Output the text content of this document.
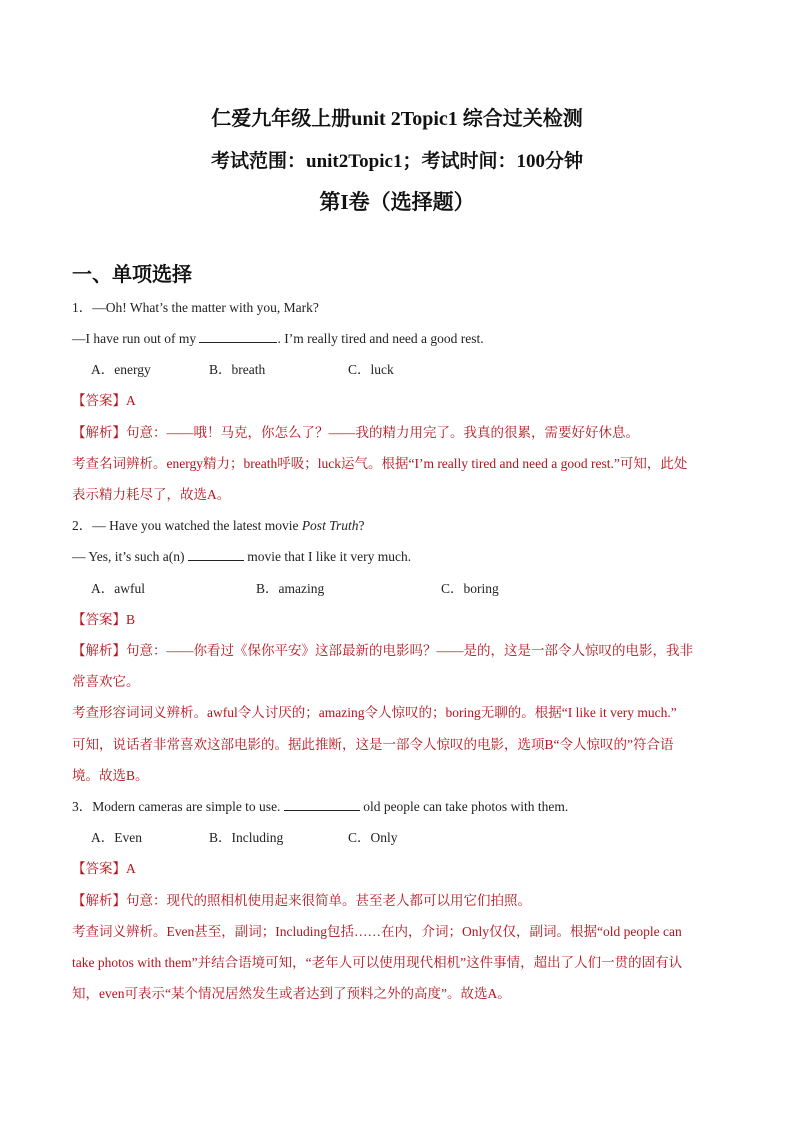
仁爱九年级上册unit 2Topic1 综合过关检测
考试范围：unit2Topic1；考试时间：100分钟
第I卷（选择题）
一、单项选择
1．—Oh! What’s the matter with you, Mark?
—I have run out of my	. I’m really tired and need a good rest.
A．energy	B．breath	C．luck
【答案】A
【解析】句意：——哦！马克，你怎么了？——我的精力用完了。我真的很累，需要好好休息。
考查名词辨析。energy精力；breath呼吸；luck运气。根据“I’m really tired and need a good rest.”可知，此处
表示精力耗尽了，故选A。
2．— Have you watched the latest movie Post Truth?
— Yes, it’s such a(n)	movie that I like it very much.
A．awful	B．amazing	C．boring
【答案】B
【解析】句意：——你看过《保你平安》这部最新的电影吗？——是的，这是一部令人惊叹的电影，我非
常喜欢它。
考查形容词词义辨析。awful令人讨厌的；amazing令人惊叹的；boring无聊的。根据“I like it very much.”
可知，说话者非常喜欢这部电影的。据此推断，这是一部令人惊叹的电影，选项B“令人惊叹的”符合语
境。故选B。
3．Modern cameras are simple to use.	old people can take photos with them.
A．Even	B．Including	C．Only
【答案】A
【解析】句意：现代的照相机使用起来很简单。甚至老人都可以用它们拍照。
考查词义辨析。Even甚至，副词；Including包括……在内，介词；Only仅仅，副词。根据“old people can
take photos with them”并结合语境可知，“老年人可以使用现代相机”这件事情，超出了人们一贯的固有认
知，even可表示“某个情况居然发生或者达到了预料之外的高度”。故选A。
